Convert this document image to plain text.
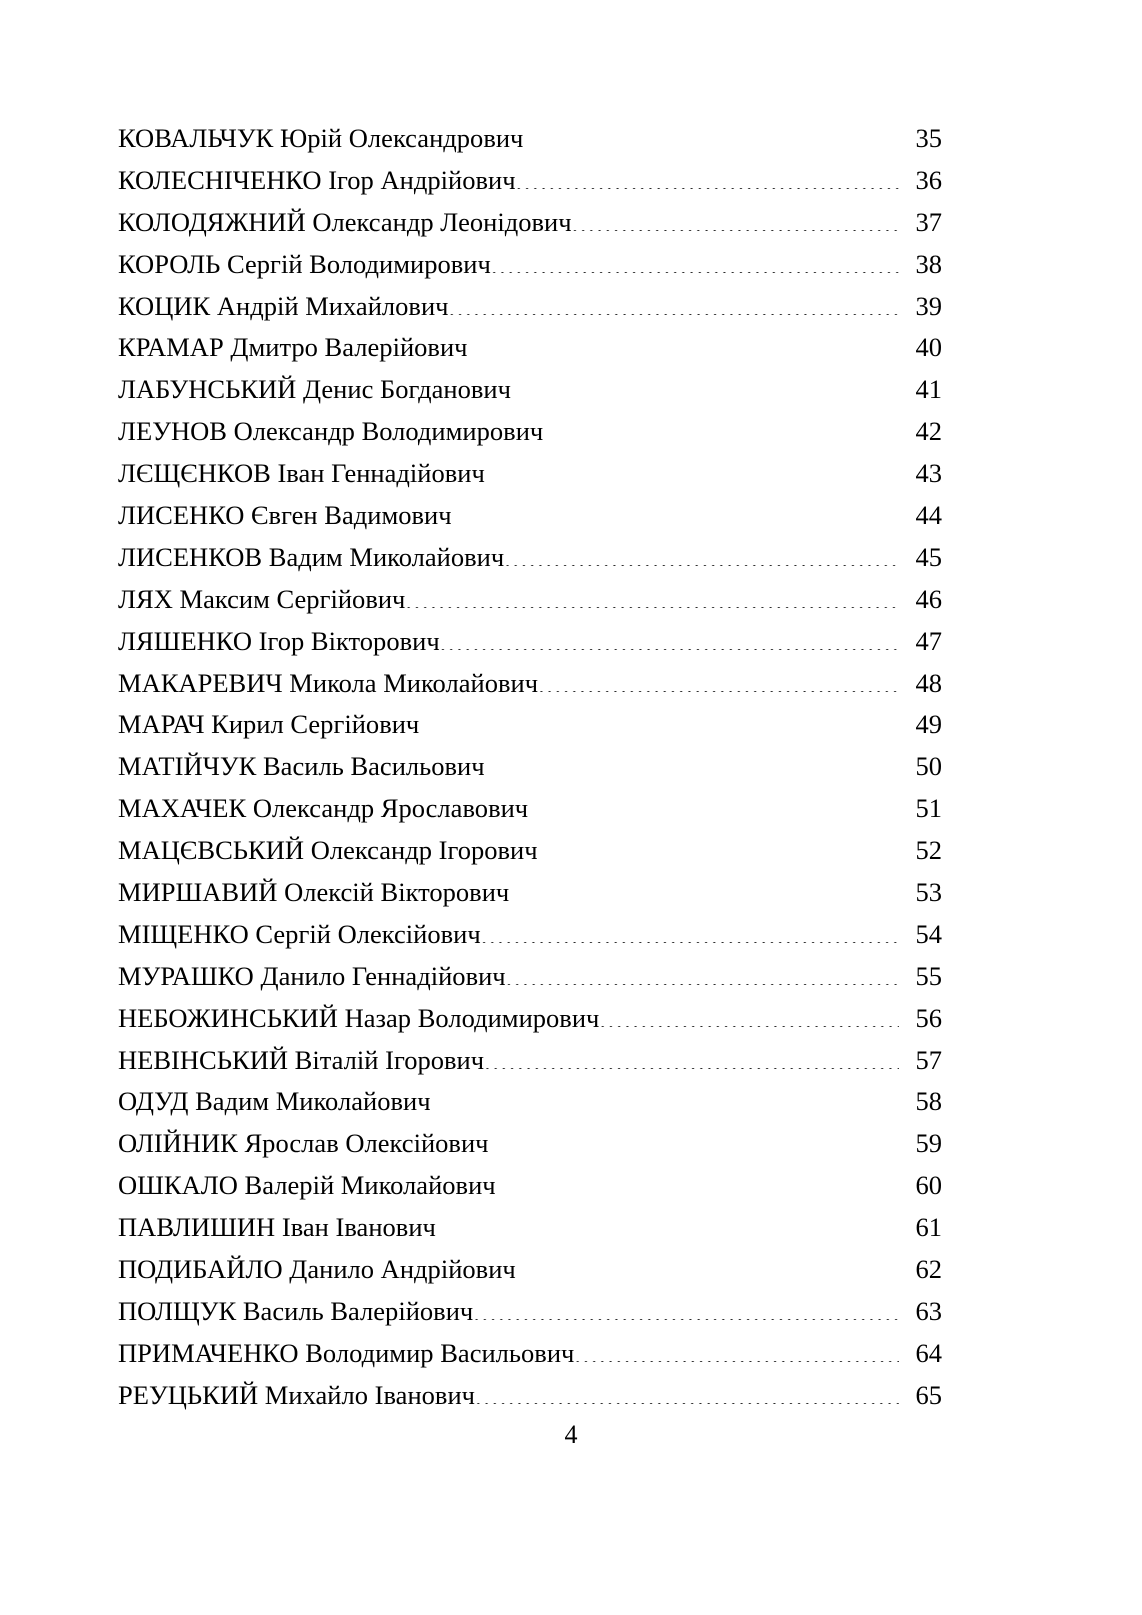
КОВАЛЬЧУК Юрій Олександрович .....	35
КОЛЕСНІЧЕНКО Ігор Андрійович .....	36
КОЛОДЯЖНИЙ Олександр Леонідович .....	37
КОРОЛЬ Сергій Володимирович .....	38
КОЦИК Андрій Михайлович .....	39
КРАМАР Дмитро Валерійович .....	40
ЛАБУНСЬКИЙ Денис Богданович .....	41
ЛЕУНОВ Олександр Володимирович .....	42
ЛЄЩЄНКОВ Іван Геннадійович .....	43
ЛИСЕНКО Євген Вадимович .....	44
ЛИСЕНКОВ Вадим Миколайович .....	45
ЛЯХ Максим Сергійович .....	46
ЛЯШЕНКО Ігор Вікторович .....	47
МАКАРЕВИЧ Микола Миколайович .....	48
МАРАЧ Кирил Сергійович .....	49
МАТІЙЧУК Василь Васильович .....	50
МАХАЧЕК Олександр Ярославович .....	51
МАЦЄВСЬКИЙ Олександр Ігорович .....	52
МИРШАВИЙ Олексій Вікторович .....	53
МІЩЕНКО Сергій Олексійович .....	54
МУРАШКО Данило Геннадійович .....	55
НЕБОЖИНСЬКИЙ Назар Володимирович .....	56
НЕВІНСЬКИЙ Віталій Ігорович .....	57
ОДУД Вадим Миколайович .....	58
ОЛІЙНИК Ярослав Олексійович .....	59
ОШКАЛО Валерій Миколайович .....	60
ПАВЛИШИН Іван Іванович .....	61
ПОДИБАЙЛО Данило Андрійович .....	62
ПОЛЩУК Василь Валерійович .....	63
ПРИМАЧЕНКО Володимир Васильович .....	64
РЕУЦЬКИЙ Михайло Іванович .....	65
4
